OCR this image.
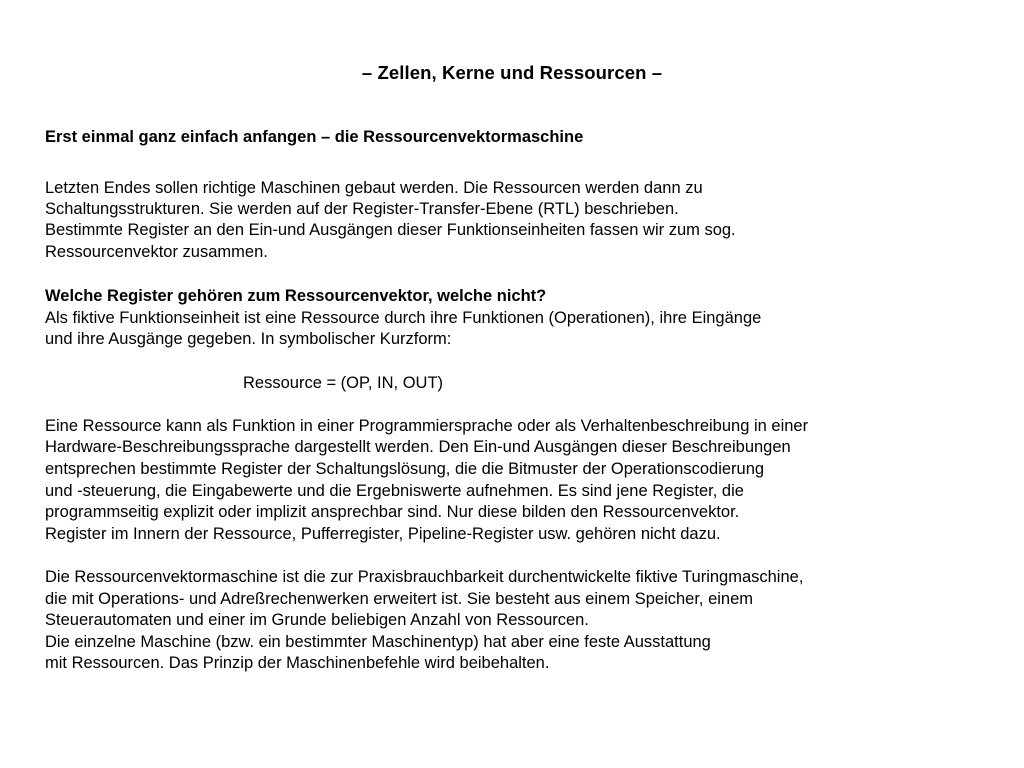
– Zellen, Kerne und Ressourcen –
Erst einmal ganz einfach anfangen – die Ressourcenvektormaschine
Letzten Endes sollen richtige Maschinen gebaut werden. Die Ressourcen werden dann zu
Schaltungsstrukturen. Sie werden auf der Register-Transfer-Ebene (RTL) beschrieben.
Bestimmte Register an den Ein-und Ausgängen dieser Funktionseinheiten fassen wir zum sog.
Ressourcenvektor zusammen.
Welche Register gehören zum Ressourcenvektor, welche nicht?
Als fiktive Funktionseinheit ist eine Ressource durch ihre Funktionen (Operationen), ihre Eingänge
und ihre Ausgänge gegeben. In symbolischer Kurzform:
Ressource = (OP, IN, OUT)
Eine Ressource kann als Funktion in einer Programmiersprache oder als Verhaltenbeschreibung in einer
Hardware-Beschreibungssprache dargestellt werden. Den Ein-und Ausgängen dieser Beschreibungen
entsprechen bestimmte Register der Schaltungslösung, die die Bitmuster der Operationscodierung
und -steuerung, die Eingabewerte und die Ergebniswerte aufnehmen. Es sind jene Register, die
programmseitig explizit oder implizit ansprechbar sind. Nur diese bilden den Ressourcenvektor.
Register im Innern der Ressource, Pufferregister, Pipeline-Register usw. gehören nicht dazu.
Die Ressourcenvektormaschine ist die zur Praxisbrauchbarkeit durchentwickelte fiktive Turingmaschine,
die mit Operations- und Adreßrechenwerken erweitert ist. Sie besteht aus einem Speicher, einem
Steuerautomaten und einer im Grunde beliebigen Anzahl von Ressourcen.
Die einzelne Maschine (bzw. ein bestimmter Maschinentyp) hat aber eine feste Ausstattung
mit Ressourcen. Das Prinzip der Maschinenbefehle wird beibehalten.
